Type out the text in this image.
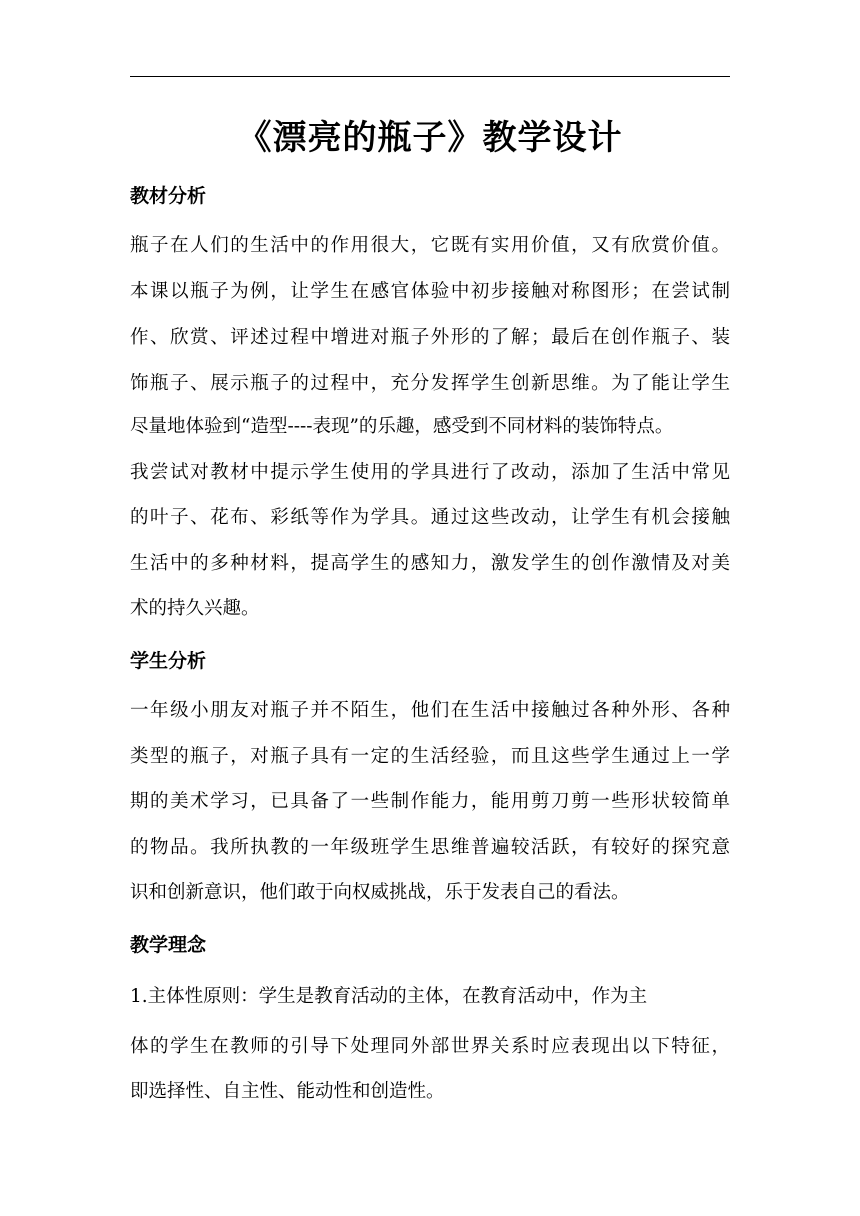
《漂亮的瓶子》教学设计
教材分析
瓶子在人们的生活中的作用很大，它既有实用价值，又有欣赏价值。
本课以瓶子为例，让学生在感官体验中初步接触对称图形；在尝试制
作、欣赏、评述过程中增进对瓶子外形的了解；最后在创作瓶子、装
饰瓶子、展示瓶子的过程中，充分发挥学生创新思维。为了能让学生
尽量地体验到“造型----表现”的乐趣，感受到不同材料的装饰特点。
我尝试对教材中提示学生使用的学具进行了改动，添加了生活中常见
的叶子、花布、彩纸等作为学具。通过这些改动，让学生有机会接触
生活中的多种材料，提高学生的感知力，激发学生的创作激情及对美
术的持久兴趣。
学生分析
一年级小朋友对瓶子并不陌生，他们在生活中接触过各种外形、各种
类型的瓶子，对瓶子具有一定的生活经验，而且这些学生通过上一学
期的美术学习，已具备了一些制作能力，能用剪刀剪一些形状较简单
的物品。我所执教的一年级班学生思维普遍较活跃，有较好的探究意
识和创新意识，他们敢于向权威挑战，乐于发表自己的看法。
教学理念
1.主体性原则：学生是教育活动的主体，在教育活动中，作为主
体的学生在教师的引导下处理同外部世界关系时应表现出以下特征，
即选择性、自主性、能动性和创造性。
